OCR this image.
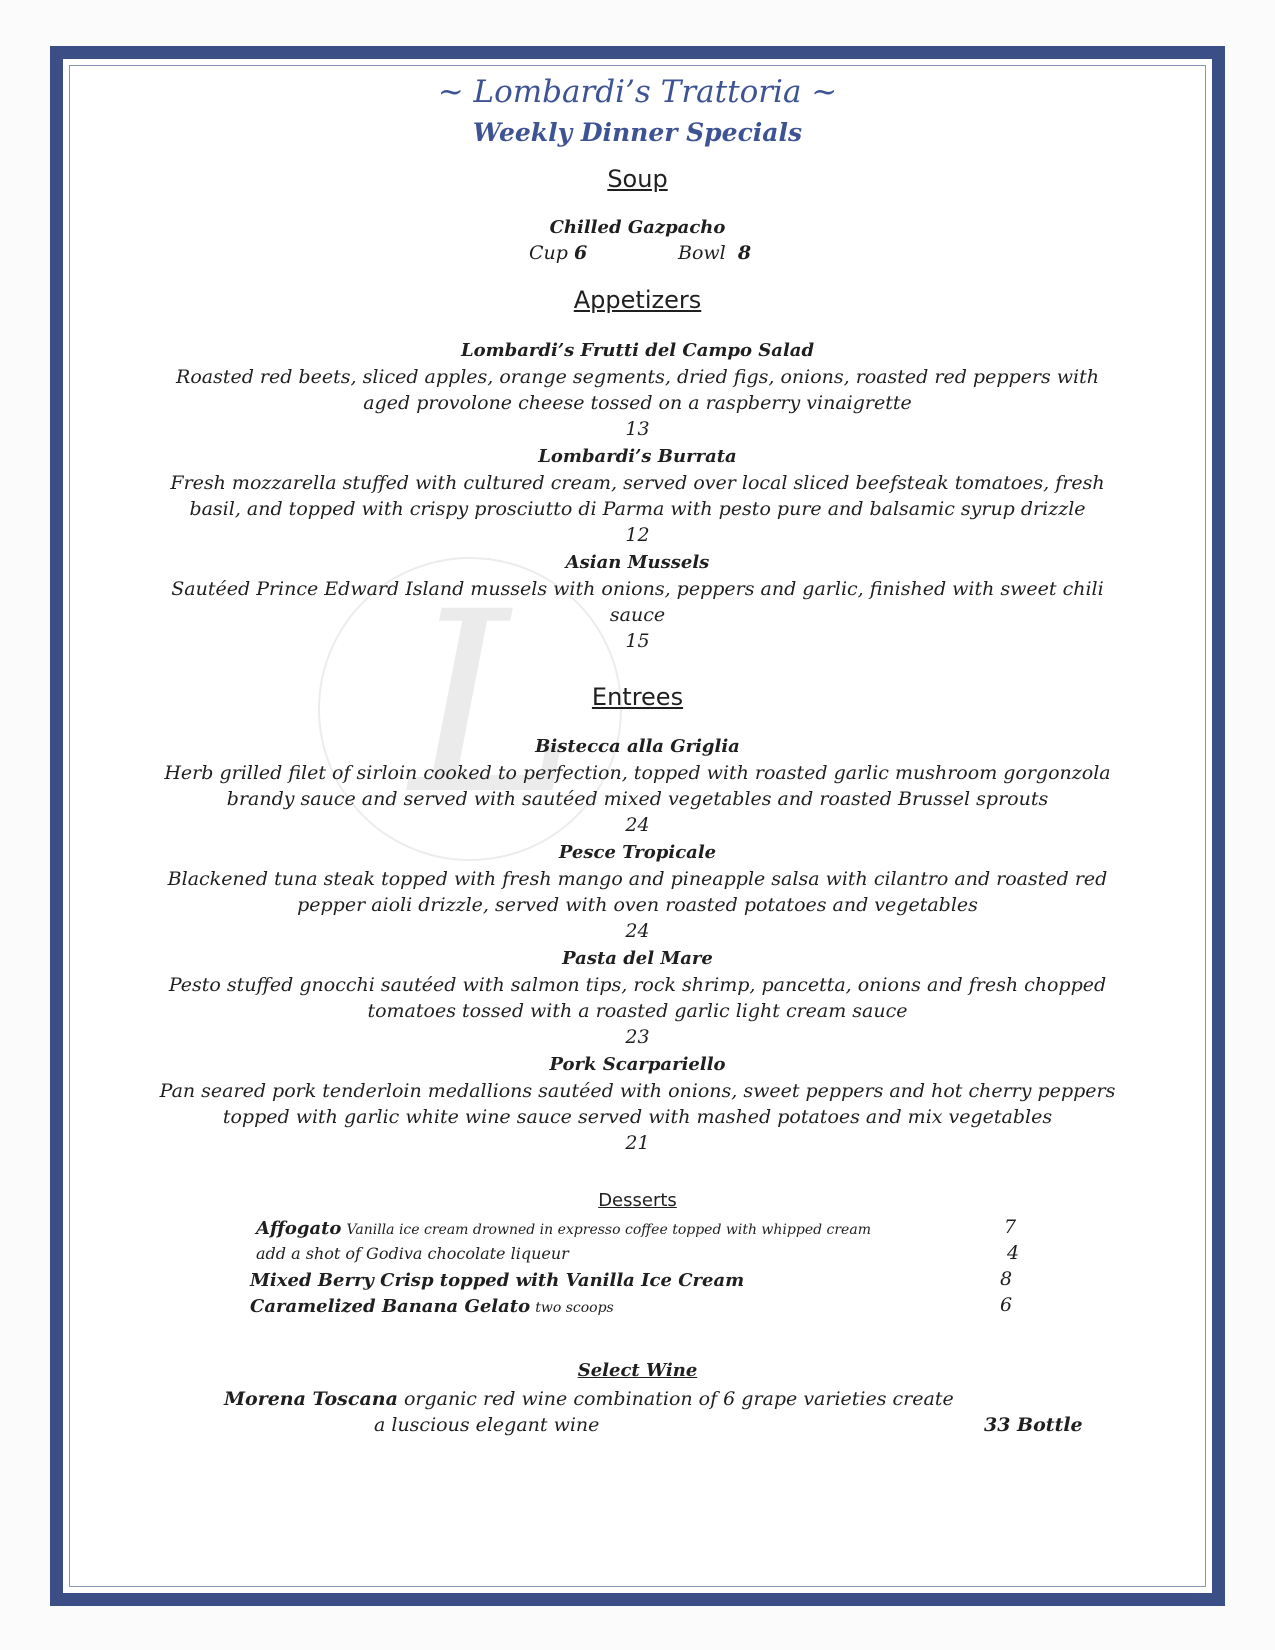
L
~ Lombardi’s Trattoria ~
Weekly Dinner Specials
Soup
Chilled Gazpacho
Cup 6	Bowl 8
Appetizers
Lombardi’s Frutti del Campo Salad
Roasted red beets, sliced apples, orange segments, dried figs, onions, roasted red peppers with
aged provolone cheese tossed on a raspberry vinaigrette
13
Lombardi’s Burrata
Fresh mozzarella stuffed with cultured cream, served over local sliced beefsteak tomatoes, fresh
basil, and topped with crispy prosciutto di Parma with pesto pure and balsamic syrup drizzle
12
Asian Mussels
Sautéed Prince Edward Island mussels with onions, peppers and garlic, finished with sweet chili
sauce
15
Entrees
Bistecca alla Griglia
Herb grilled filet of sirloin cooked to perfection, topped with roasted garlic mushroom gorgonzola
brandy sauce and served with sautéed mixed vegetables and roasted Brussel sprouts
24
Pesce Tropicale
Blackened tuna steak topped with fresh mango and pineapple salsa with cilantro and roasted red
pepper aioli drizzle, served with oven roasted potatoes and vegetables
24
Pasta del Mare
Pesto stuffed gnocchi sautéed with salmon tips, rock shrimp, pancetta, onions and fresh chopped
tomatoes tossed with a roasted garlic light cream sauce
23
Pork Scarpariello
Pan seared pork tenderloin medallions sautéed with onions, sweet peppers and hot cherry peppers
topped with garlic white wine sauce served with mashed potatoes and mix vegetables
21
Desserts
Affogato Vanilla ice cream drowned in expresso coffee topped with whipped cream	7
add a shot of Godiva chocolate liqueur	4
Mixed Berry Crisp topped with Vanilla Ice Cream	8
Caramelized Banana Gelato two scoops	6
Select Wine
Morena Toscana organic red wine combination of 6 grape varieties create
a luscious elegant wine	33 Bottle
